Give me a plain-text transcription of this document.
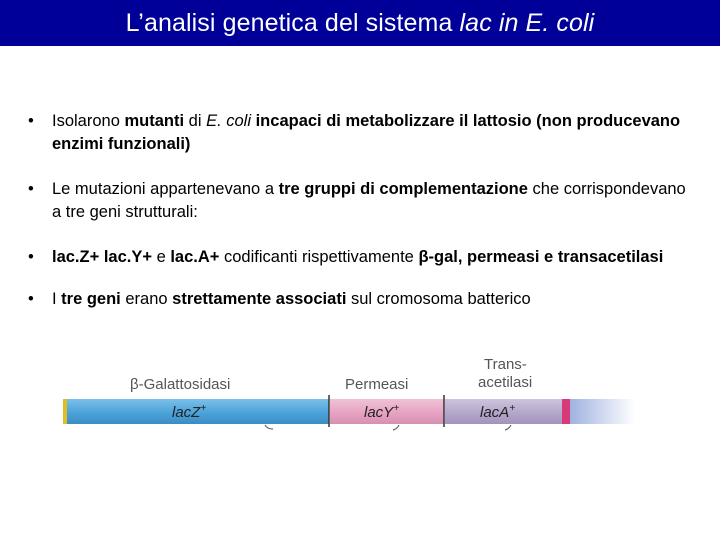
L’analisi genetica del sistema lac in E. coli
• Isolarono mutanti di E. coli incapaci di metabolizzare il lattosio (non producevano enzimi funzionali)
• Le mutazioni appartenevano a tre gruppi di complementazione che corrispondevano a tre geni strutturali:
• lac.Z+ lac.Y+ e lac.A+ codificanti rispettivamente β-gal, permeasi e transacetilasi
• I tre geni erano strettamente associati sul cromosoma batterico
β-Galattosidasi	Permeasi
Trans-
acetilasi
lacZ+	lacY+	lacA+
